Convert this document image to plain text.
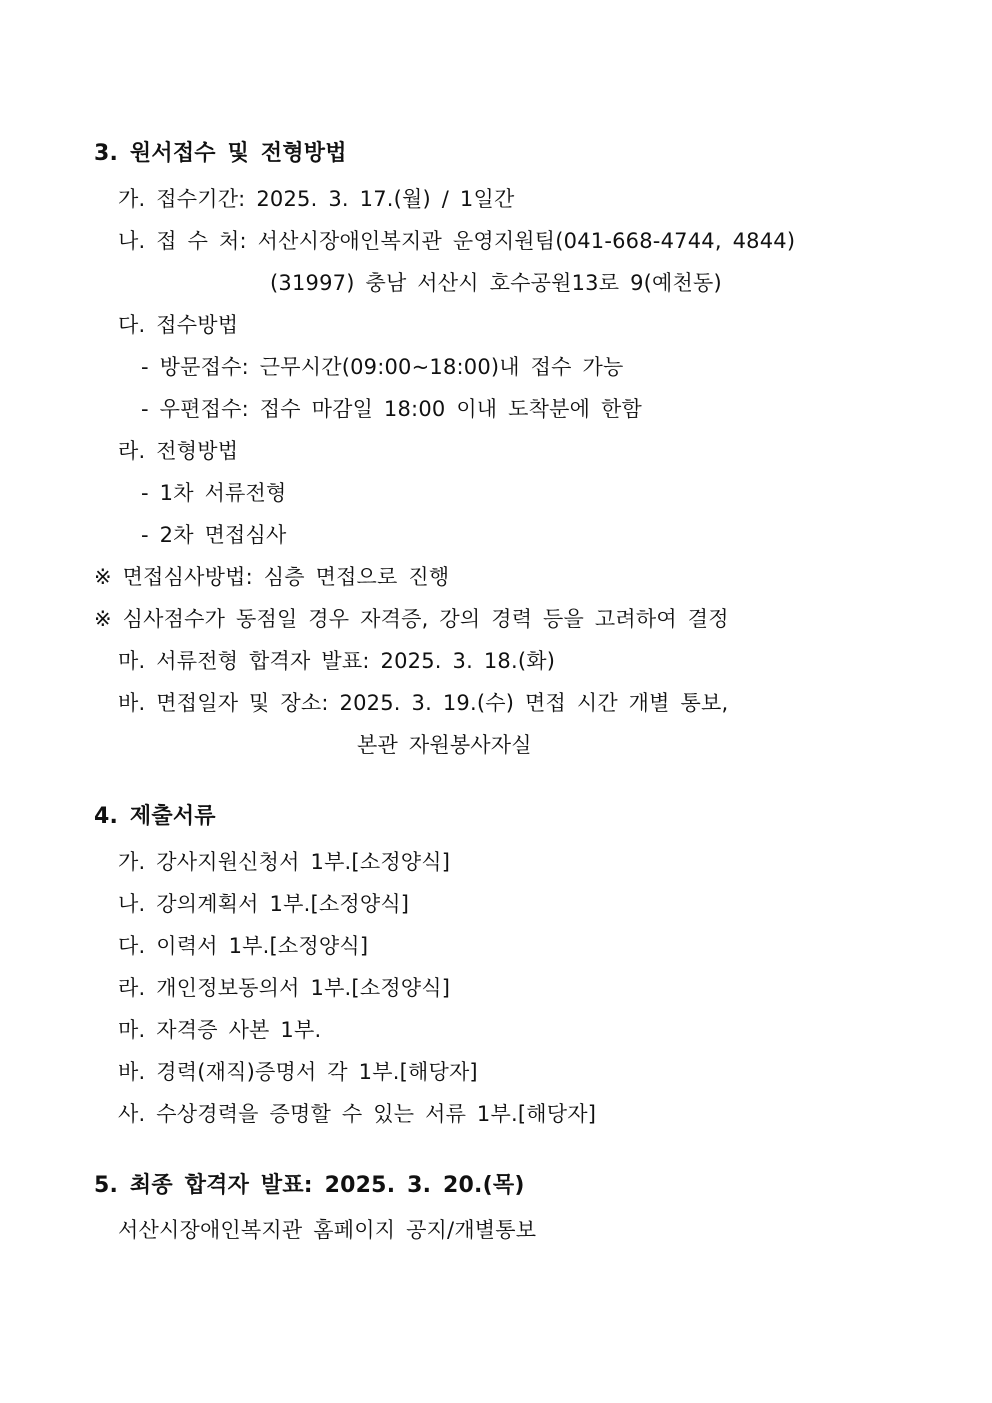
3. 원서접수 및 전형방법
가. 접수기간: 2025. 3. 17.(월) / 1일간
나. 접 수 처: 서산시장애인복지관 운영지원팀(041-668-4744, 4844)
(31997) 충남 서산시 호수공원13로 9(예천동)
다. 접수방법
- 방문접수: 근무시간(09:00~18:00)내 접수 가능
- 우편접수: 접수 마감일 18:00 이내 도착분에 한함
라. 전형방법
- 1차 서류전형
- 2차 면접심사
※ 면접심사방법: 심층 면접으로 진행
※ 심사점수가 동점일 경우 자격증, 강의 경력 등을 고려하여 결정
마. 서류전형 합격자 발표: 2025. 3. 18.(화)
바. 면접일자 및 장소: 2025. 3. 19.(수) 면접 시간 개별 통보,
본관 자원봉사자실
4. 제출서류
가. 강사지원신청서 1부.[소정양식]
나. 강의계획서 1부.[소정양식]
다. 이력서 1부.[소정양식]
라. 개인정보동의서 1부.[소정양식]
마. 자격증 사본 1부.
바. 경력(재직)증명서 각 1부.[해당자]
사. 수상경력을 증명할 수 있는 서류 1부.[해당자]
5. 최종 합격자 발표: 2025. 3. 20.(목)
서산시장애인복지관 홈페이지 공지/개별통보
